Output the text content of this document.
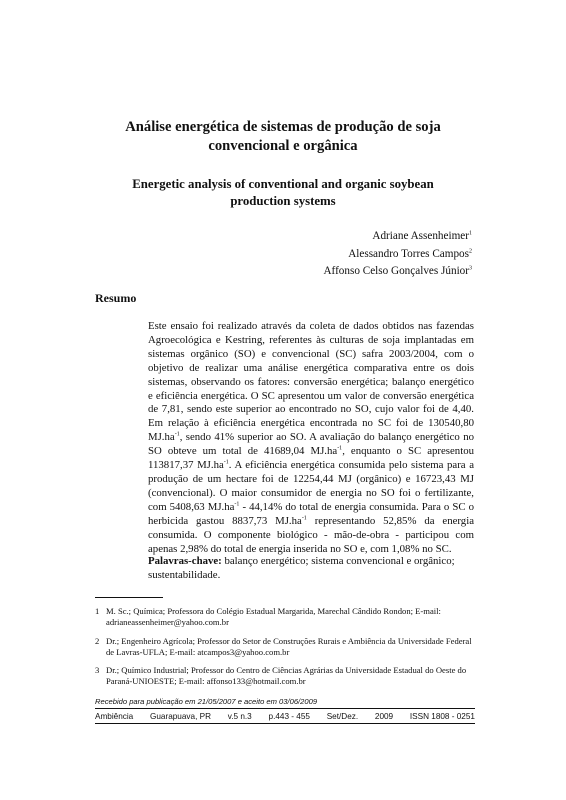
Análise energética de sistemas de produção de soja
convencional e orgânica
Energetic analysis of conventional and organic soybean
production systems
Adriane Assenheimer$^1$
Alessandro Torres Campos$^2$
Affonso Celso Gonçalves Júnior$^3$
Resumo

Este ensaio foi realizado através da coleta de dados obtidos nas fazendas Agroecológica e Kestring, referentes às culturas de soja implantadas em sistemas orgânico (SO) e convencional (SC) safra 2003/2004, com o objetivo de realizar uma análise energética comparativa entre os dois sistemas, observando os fatores: conversão energética; balanço energético e eficiência energética. O SC apresentou um valor de conversão energética de 7,81, sendo este superior ao encontrado no SO, cujo valor foi de 4,40. Em relação à eficiência energética encontrada no SC foi de 130540,80 $MJ.ha^{-1}$, sendo 41% superior ao SO. A avaliação do balanço energético no SO obteve um total de 41689,04 $MJ.ha^{-1}$, enquanto o SC apresentou 113817,37 $MJ.ha^{-1}$. A eficiência energética consumida pelo sistema para a produção de um hectare foi de 12254,44 MJ (orgânico) e 16723,43 MJ (convencional). O maior consumidor de energia no SO foi o fertilizante, com 5408,63 $MJ.ha^{-1} - 44,14\%$ do total de energia consumida. Para o SC o herbicida gastou 8837,73 $MJ.ha^{-1}$ representando 52,85% da energia consumida. O componente biológico - mão-de-obra - participou com apenas 2,98% do total de energia inserida no SO e, com 1,08% no SC.

Palavras-chave: balanço energético; sistema convencional e orgânico; sustentabilidade.

1 M. Sc.; Química; Professora do Colégio Estadual Margarida, Marechal Cândido Rondon; E-mail: adrianeassenheimer@yahoo.com.br
2 Dr.; Engenheiro Agrícola; Professor do Setor de Construções Rurais e Ambiência da Universidade Federal de Lavras-UFLA; E-mail: atcampos3@yahoo.com.br
3 Dr.; Químico Industrial; Professor do Centro de Ciências Agrárias da Universidade Estadual do Oeste do Paraná-UNIOESTE; E-mail: affonso133@hotmail.com.br
Recebido para publicação em 21/05/2007 e aceito em 03/06/2009
Ambiência Guarapuava, PR v.5 n.3 p.443 - 455 Set/Dez. 2009 ISSN 1808 - 0251
